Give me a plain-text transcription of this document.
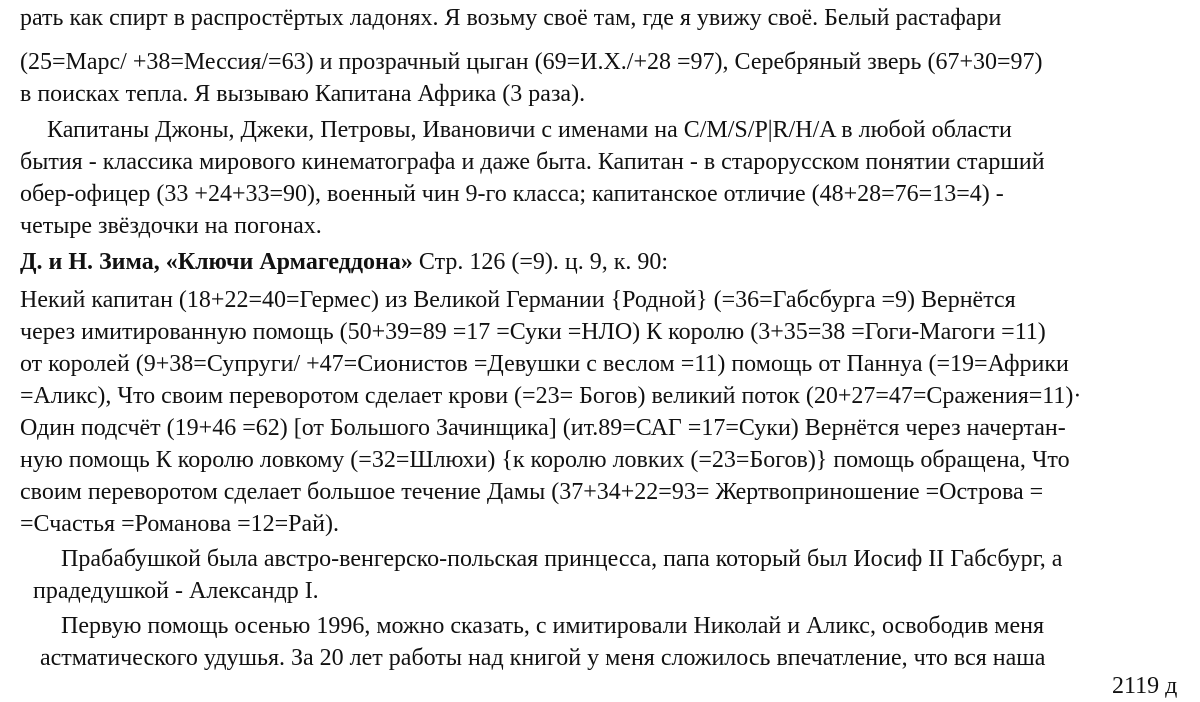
рать как спирт в распростёртых ладонях. Я возьму своё там, где я увижу своё. Белый растафари
(25=Марс/ +38=Мессия/=63) и прозрачный цыган (69=И.Х./+28 =97), Серебряный зверь (67+30=97)
в поисках тепла. Я вызываю Капитана Африка (3 раза).
Капитаны Джоны, Джеки, Петровы, Ивановичи с именами на C/M/S/P|R/H/A в любой области
бытия - классика мирового кинематографа и даже быта. Капитан - в старорусском понятии старший
обер-офицер (33 +24+33=90), военный чин 9-го класса; капитанское отличие (48+28=76=13=4) -
четыре звёздочки на погонах.
Д. и Н. Зима, «Ключи Армагеддона» Стр. 126 (=9). ц. 9, к. 90:
Некий капитан (18+22=40=Гермес) из Великой Германии {Родной} (=36=Габсбурга =9) Вернётся
через имитированную помощь (50+39=89 =17 =Суки =НЛО) К королю (3+35=38 =Гоги-Магоги =11)
от королей (9+38=Супруги/ +47=Сионистов =Девушки с веслом =11) помощь от Паннуа (=19=Африки
=Аликс), Что своим переворотом сделает крови (=23= Богов) великий поток (20+27=47=Сражения=11)·
Один подсчёт (19+46 =62) [от Большого Зачинщика] (ит.89=САГ =17=Суки) Вернётся через начертан-
ную помощь К королю ловкому (=32=Шлюхи) {к королю ловких (=23=Богов)} помощь обращена, Что
своим переворотом сделает большое течение Дамы (37+34+22=93= Жертвоприношение =Острова =
=Счастья =Романова =12=Рай).
Прабабушкой была австро-венгерско-польская принцесса, папа который был Иосиф II Габсбург, а
прадедушкой - Александр I.
Первую помощь осенью 1996, можно сказать, с имитировали Николай и Аликс, освободив меня
астматического удушья. За 20 лет работы над книгой у меня сложилось впечатление, что вся наша
2119 д
